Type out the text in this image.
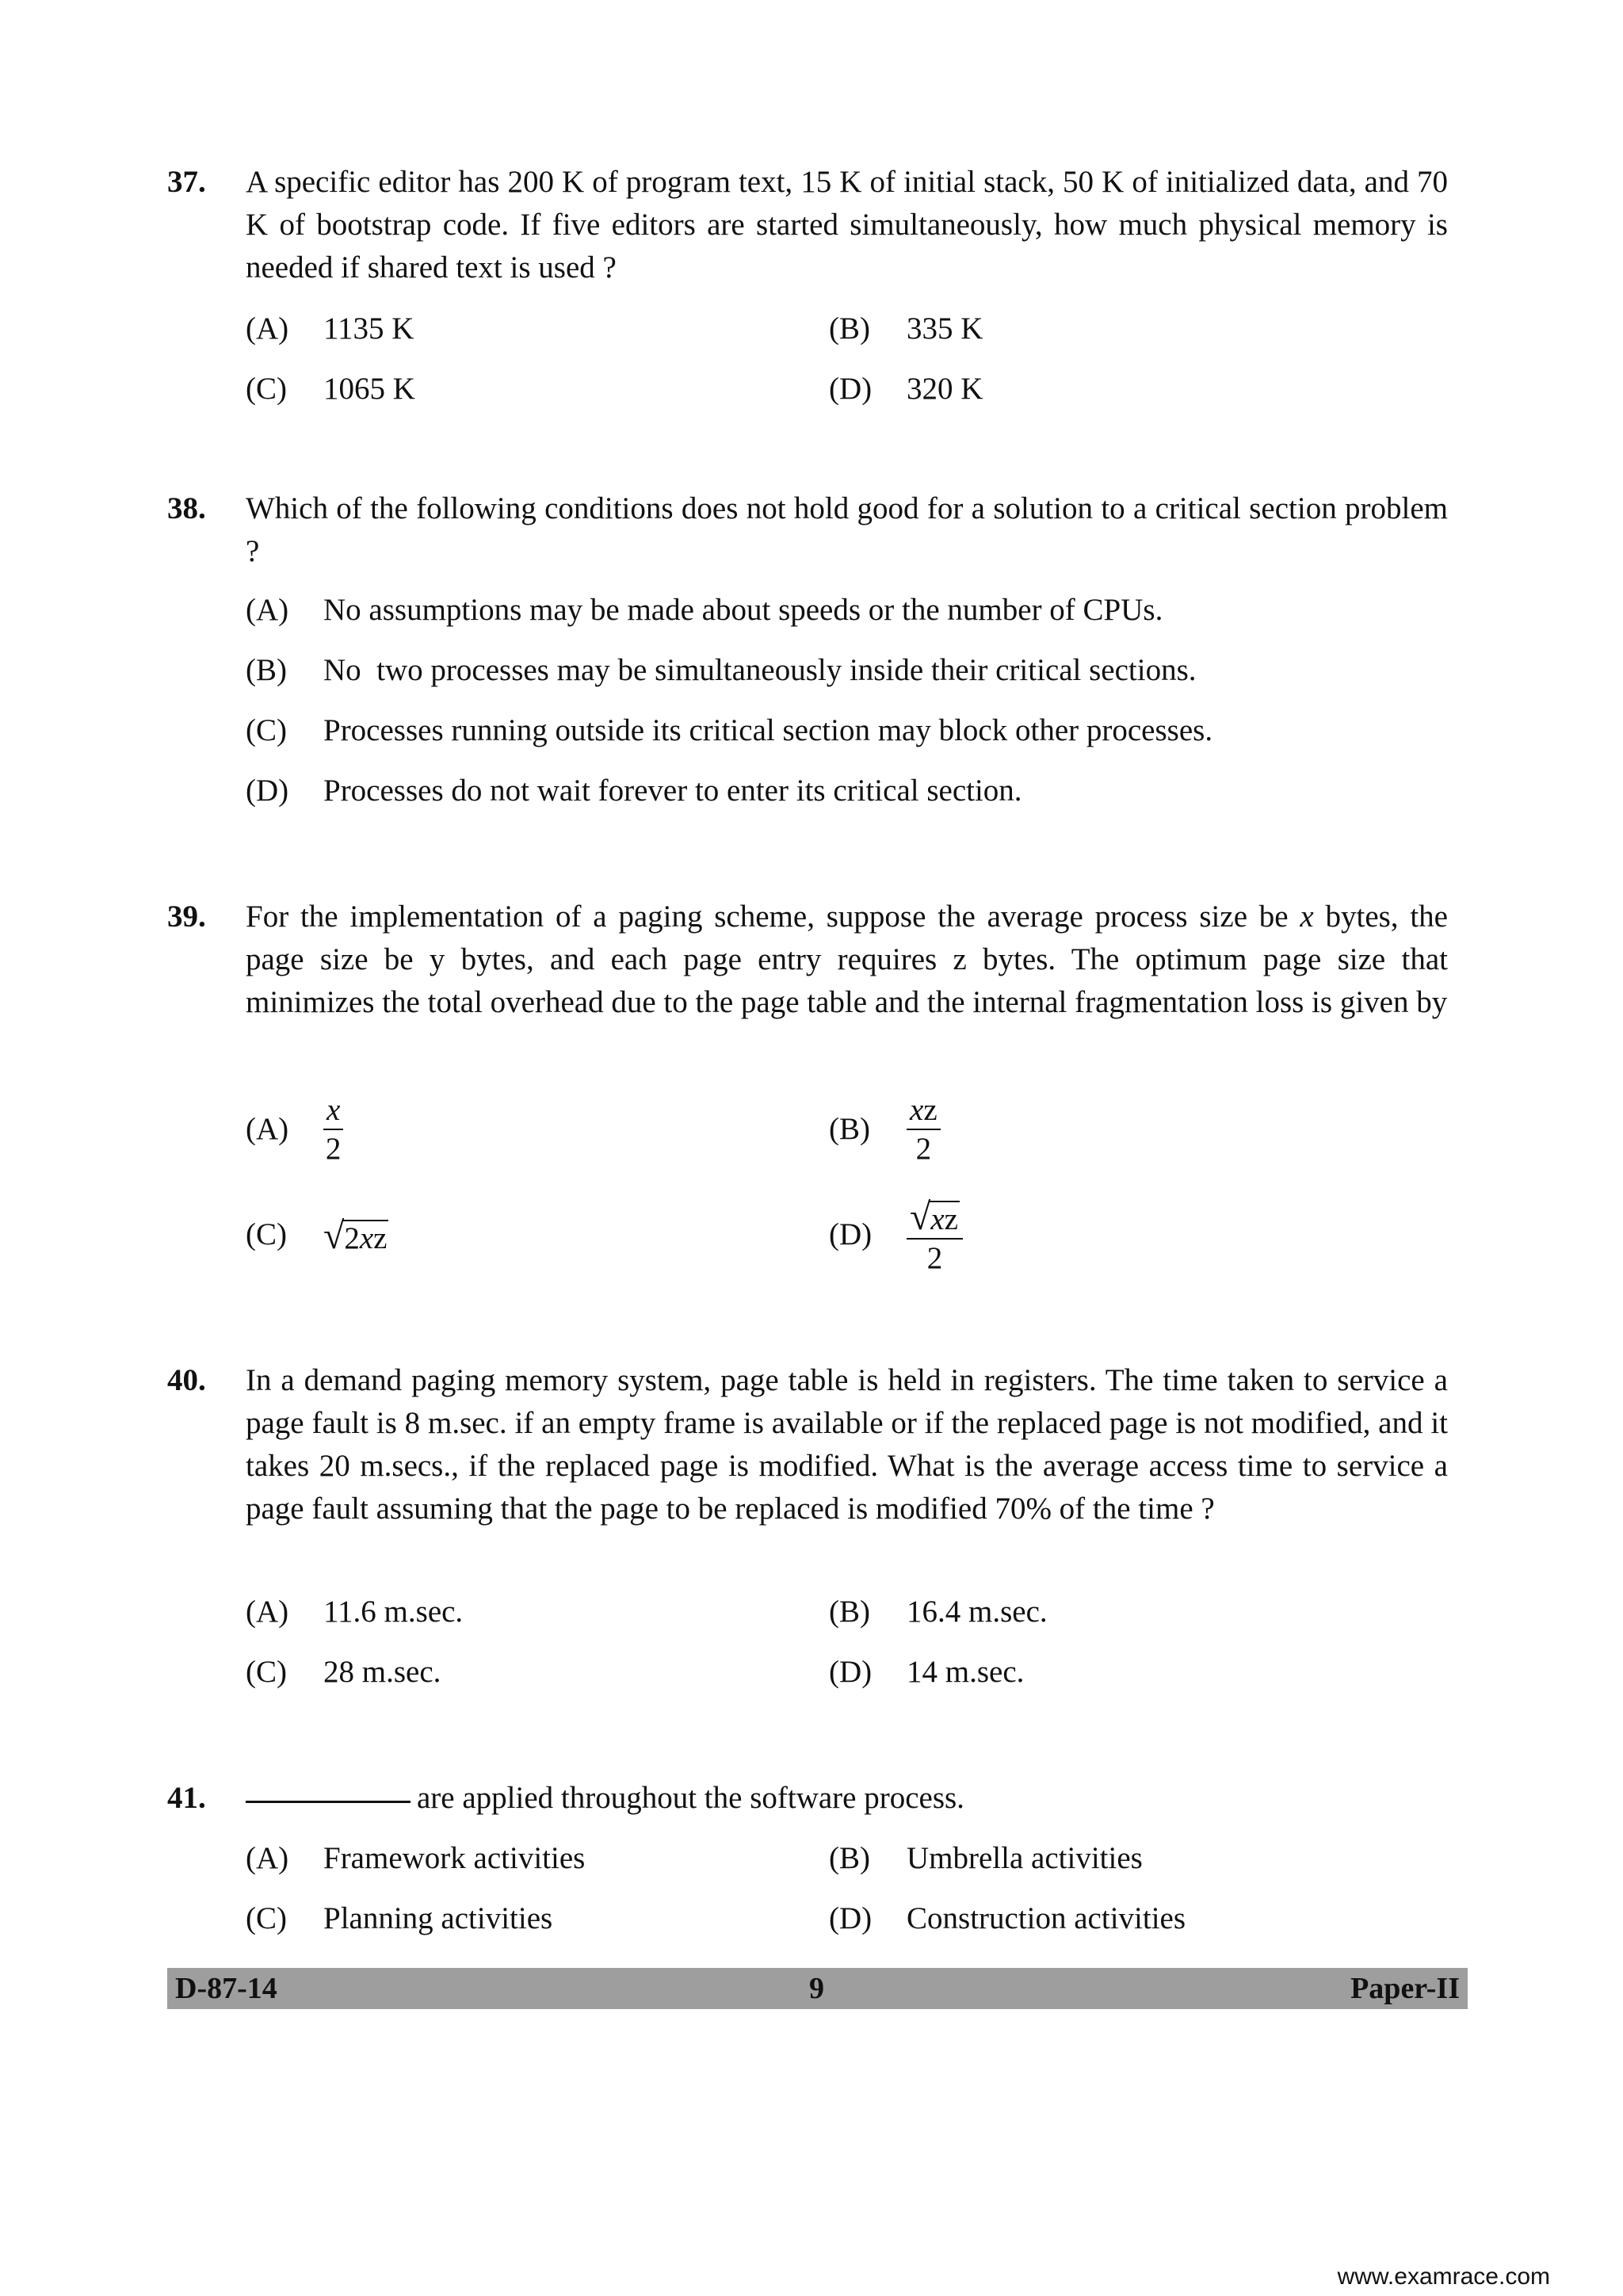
37. A specific editor has 200 K of program text, 15 K of initial stack, 50 K of initialized data, and 70 K of bootstrap code. If five editors are started simultaneously, how much physical memory is needed if shared text is used ?
(A) 1135 K	(B) 335 K
(C) 1065 K	(D) 320 K
38. Which of the following conditions does not hold good for a solution to a critical section problem ?
(A) No assumptions may be made about speeds or the number of CPUs.
(B) No  two processes may be simultaneously inside their critical sections.
(C) Processes running outside its critical section may block other processes.
(D) Processes do not wait forever to enter its critical section.
39. For the implementation of a paging scheme, suppose the average process size be x bytes, the page size be y bytes, and each page entry requires z bytes. The optimum page size that minimizes the total overhead due to the page table and the internal fragmentation loss is given by
(A)	$\frac{x}{2}$	(B)	$\frac{xz}{2}$
(C) √ 2xz	$(D) \frac{√ xz}{2}$
40. In a demand paging memory system, page table is held in registers. The time taken to service a page fault is 8 m.sec. if an empty frame is available or if the replaced page is not modified, and it takes 20 m.secs., if the replaced page is modified. What is the average access time to service a page fault assuming that the page to be replaced is modified 70% of the time ?
(A) 11.6 m.sec.	(B) 16.4 m.sec.
(C) 28 m.sec.	(D) 14 m.sec.
41.	are applied throughout the software process.
(A) Framework activities	(B) Umbrella activities
(C) Planning activities	(D) Construction activities
D-87-14	9	Paper-II
www.examrace.com
